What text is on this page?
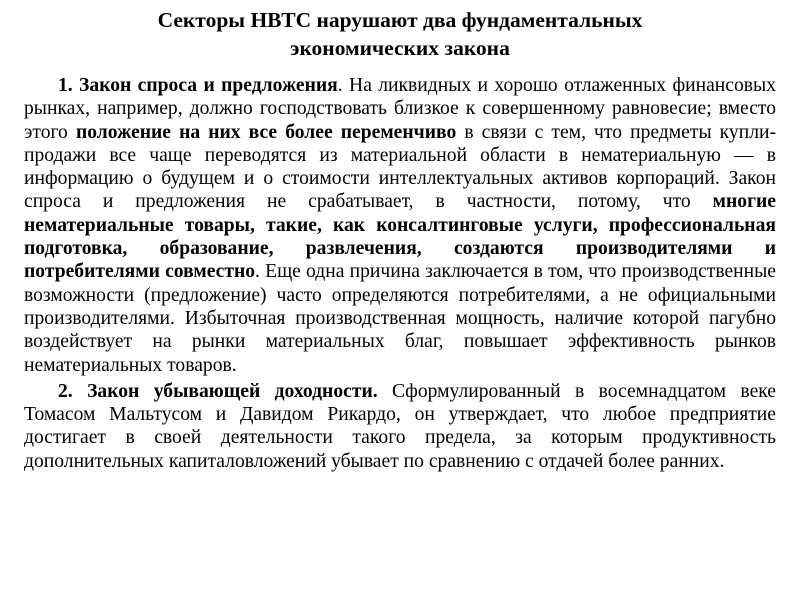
Секторы НВТС нарушают два фундаментальных
экономических закона

1. Закон спроса и предложения. На ликвидных и хорошо отлаженных финансовых рынках, например, должно господствовать близкое к совершенному равновесие; вместо этого положение на них все более переменчиво в связи с тем, что предметы купли-продажи все чаще переводятся из материальной области в нематериальную — в информацию о будущем и о стоимости интеллектуальных активов корпораций. Закон спроса и предложения не срабатывает, в частности, потому, что многие нематериальные товары, такие, как консалтинговые услуги, профессиональная подготовка, образование, развлечения, создаются производителями и потребителями совместно. Еще одна причина заключается в том, что производственные возможности (предложение) часто определяются потребителями, а не официальными производителями. Избыточная производственная мощность, наличие которой пагубно воздействует на рынки материальных благ, повышает эффективность рынков нематериальных товаров.

2. Закон убывающей доходности. Сформулированный в восемнадцатом веке Томасом Мальтусом и Давидом Рикардо, он утверждает, что любое предприятие достигает в своей деятельности такого предела, за которым продуктивность дополнительных капиталовложений убывает по сравнению с отдачей более ранних.
